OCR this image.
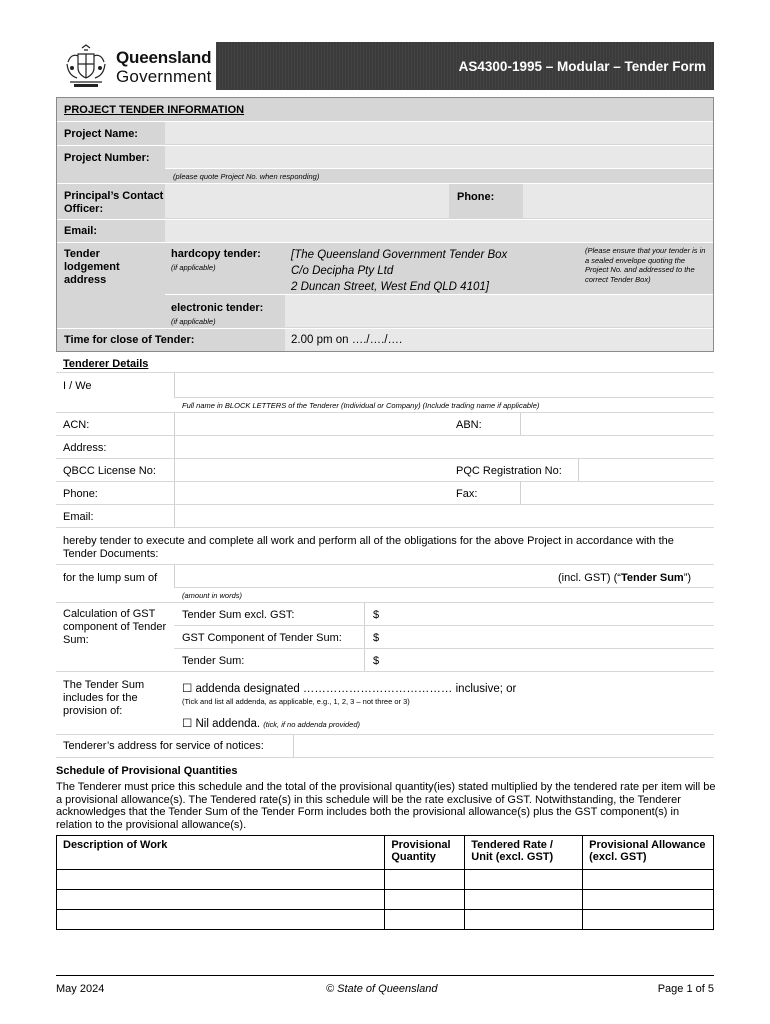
Queensland
Government
AS4300-1995 – Modular – Tender Form
PROJECT TENDER INFORMATION
Project Name:
Project Number:
(please quote Project No. when responding)
Principal’s Contact Officer:
Phone:
Email:
Tender lodgement address
hardcopy tender:
(if applicable)
[The Queensland Government Tender Box
C/o Decipha Pty Ltd
2 Duncan Street, West End QLD 4101]
(Please ensure that your tender is in a sealed envelope quoting the Project No. and addressed to the correct Tender Box)
electronic tender:
(if applicable)
Time for close of Tender:	2.00 pm on …./…./….
Tenderer Details
I / We
Full name in BLOCK LETTERS of the Tenderer (Individual or Company) (Include trading name if applicable)
ACN:	ABN:
Address:
QBCC License No:	PQC Registration No:
Phone:	Fax:
Email:
hereby tender to execute and complete all work and perform all of the obligations for the above Project in accordance with the Tender Documents:
for the lump sum of	(incl. GST) (“Tender Sum”)
(amount in words)
Calculation of GST component of Tender Sum:
Tender Sum excl. GST:	$
GST Component of Tender Sum:	$
Tender Sum:	$
The Tender Sum includes for the provision of:
☐ addenda designated ………………………………… inclusive; or
(Tick and list all addenda, as applicable, e.g., 1, 2, 3 – not three or 3)
☐ Nil addenda. (tick, if no addenda provided)
Tenderer’s address for service of notices:
Schedule of Provisional Quantities
The Tenderer must price this schedule and the total of the provisional quantity(ies) stated multiplied by the tendered rate per item will be a provisional allowance(s). The Tendered rate(s) in this schedule will be the rate exclusive of GST. Notwithstanding, the Tenderer acknowledges that the Tender Sum of the Tender Form includes both the provisional allowance(s) plus the GST component(s) in relation to the provisional allowance(s).
Description of Work	Provisional Quantity	Tendered Rate / Unit (excl. GST)	Provisional Allowance (excl. GST)

May 2024	© State of Queensland	Page 1 of 5
